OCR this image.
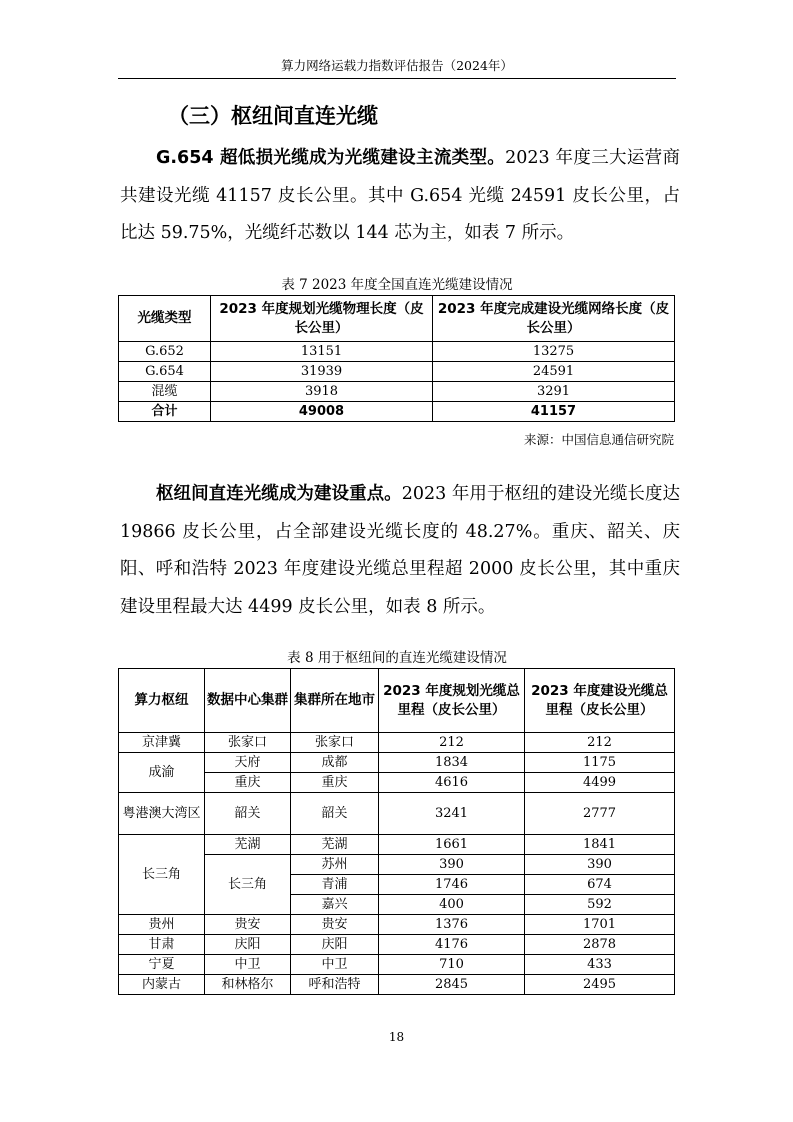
算力网络运载力指数评估报告（2024年）
（三）枢纽间直连光缆

G.654 超低损光缆成为光缆建设主流类型。2023 年度三大运营商共建设光缆 41157 皮长公里。其中 G.654 光缆 24591 皮长公里，占比达 59.75%，光缆纤芯数以 144 芯为主，如表 7 所示。

表 7 2023 年度全国直连光缆建设情况
光缆类型	2023 年度规划光缆物理长度（皮长公里）	2023 年度完成建设光缆网络长度（皮长公里）
G.652	13151	13275
G.654	31939	24591
混缆	3918	3291
合计	49008	41157
来源：中国信息通信研究院

枢纽间直连光缆成为建设重点。2023 年用于枢纽的建设光缆长度达 19866 皮长公里，占全部建设光缆长度的 48.27%。重庆、韶关、庆阳、呼和浩特 2023 年度建设光缆总里程超 2000 皮长公里，其中重庆建设里程最大达 4499 皮长公里，如表 8 所示。

表 8 用于枢纽间的直连光缆建设情况
算力枢纽	数据中心集群	集群所在地市	2023 年度规划光缆总里程（皮长公里）	2023 年度建设光缆总里程（皮长公里）
京津冀	张家口	张家口	212	212
成渝	天府	成都	1834	1175
	重庆	重庆	4616	4499
粤港澳大湾区	韶关	韶关	3241	2777
长三角	芜湖	芜湖	1661	1841
	长三角	苏州	390	390
		青浦	1746	674
		嘉兴	400	592
贵州	贵安	贵安	1376	1701
甘肃	庆阳	庆阳	4176	2878
宁夏	中卫	中卫	710	433
内蒙古	和林格尔	呼和浩特	2845	2495
18
